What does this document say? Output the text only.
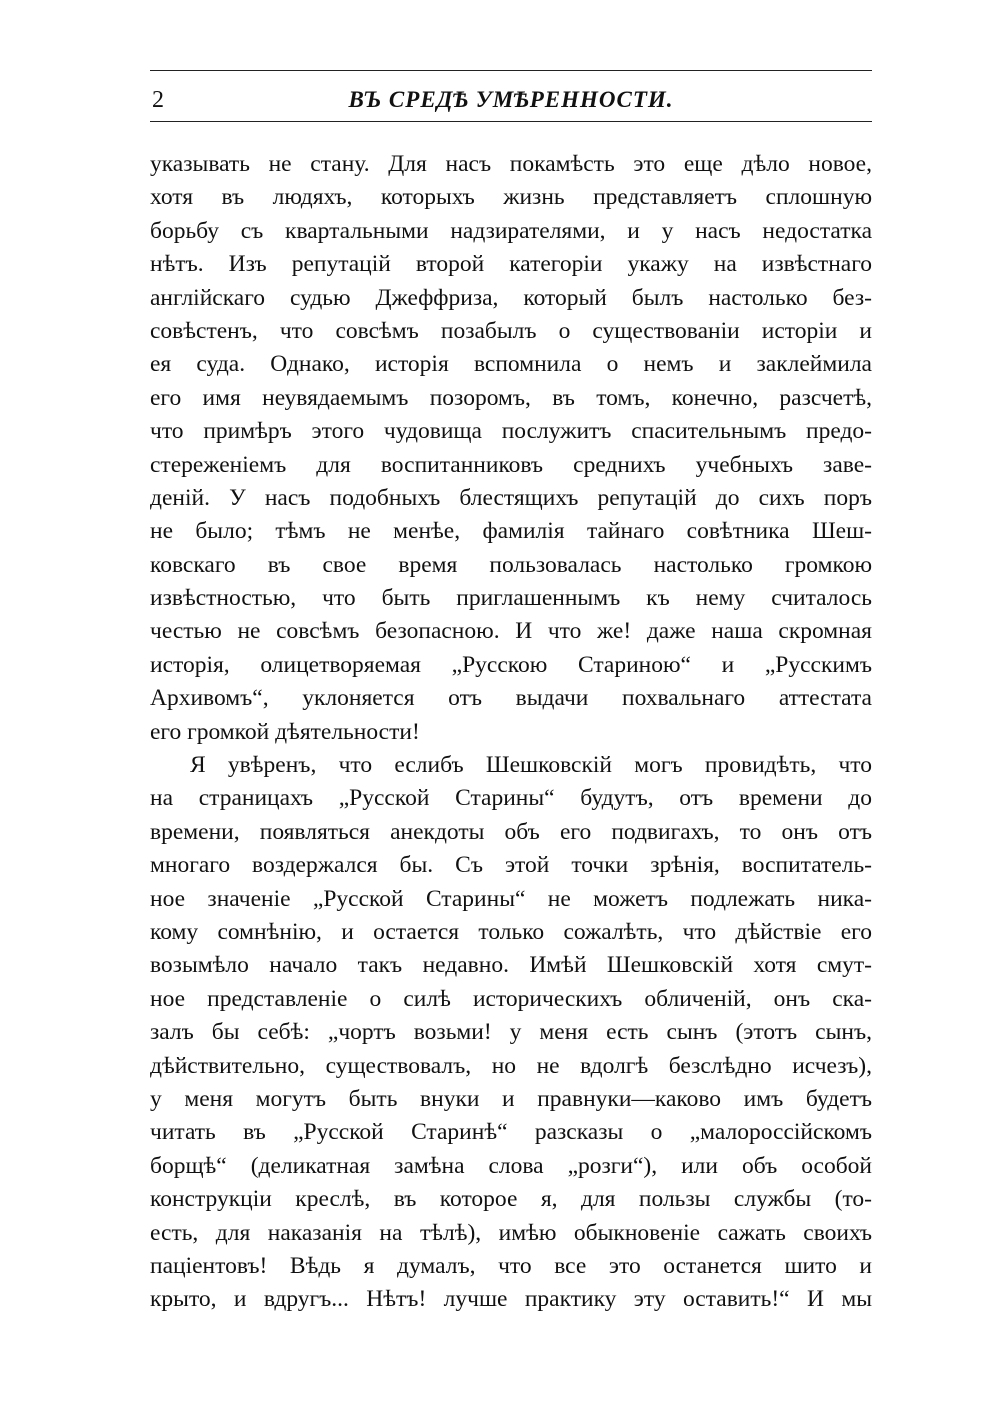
2	ВЪ СРЕДѢ УМѢРЕННОСТИ.
указывать не стану. Для насъ покамѣсть это еще дѣло новое,
хотя въ людяхъ, которыхъ жизнь представляетъ сплошную
борьбу съ квартальными надзирателями, и у насъ недостатка
нѣтъ. Изъ репутацій второй категоріи укажу на извѣстнаго
англійскаго судью Джеффриза, который былъ настолько без-
совѣстенъ, что совсѣмъ позабылъ о существованіи исторіи и
ея суда. Однако, исторія вспомнила о немъ и заклеймила
его имя неувядаемымъ позоромъ, въ томъ, конечно, разсчетѣ,
что примѣръ этого чудовища послужитъ спасительнымъ предо-
стереженіемъ для воспитанниковъ среднихъ учебныхъ заве-
деній. У насъ подобныхъ блестящихъ репутацій до сихъ поръ
не было; тѣмъ не менѣе, фамилія тайнаго совѣтника Шеш-
ковскаго въ свое время пользовалась настолько громкою
извѣстностью, что быть приглашеннымъ къ нему считалось
честью не совсѣмъ безопасною. И что же! даже наша скромная
исторія, олицетворяемая „Русскою Стариною“ и „Русскимъ
Архивомъ“, уклоняется отъ выдачи похвальнаго аттестата
его громкой дѣятельности!
Я увѣренъ, что еслибъ Шешковскій могъ провидѣть, что
на страницахъ „Русской Старины“ будутъ, отъ времени до
времени, появляться анекдоты объ его подвигахъ, то онъ отъ
многаго воздержался бы. Съ этой точки зрѣнія, воспитатель-
ное значеніе „Русской Старины“ не можетъ подлежать ника-
кому сомнѣнію, и остается только сожалѣть, что дѣйствіе его
возымѣло начало такъ недавно. Имѣй Шешковскій хотя смут-
ное представленіе о силѣ историческихъ обличеній, онъ ска-
залъ бы себѣ: „чортъ возьми! у меня есть сынъ (этотъ сынъ,
дѣйствительно, существовалъ, но не вдолгѣ безслѣдно исчезъ),
у меня могутъ быть внуки и правнуки—каково имъ будетъ
читать въ „Русской Старинѣ“ разсказы о „малороссійскомъ
борщѣ“ (деликатная замѣна слова „розги“), или объ особой
конструкціи креслѣ, въ которое я, для пользы службы (то-
есть, для наказанія на тѣлѣ), имѣю обыкновеніе сажать своихъ
паціентовъ! Вѣдь я думалъ, что все это останется шито и
крыто, и вдругъ... Нѣтъ! лучше практику эту оставить!“ И мы
